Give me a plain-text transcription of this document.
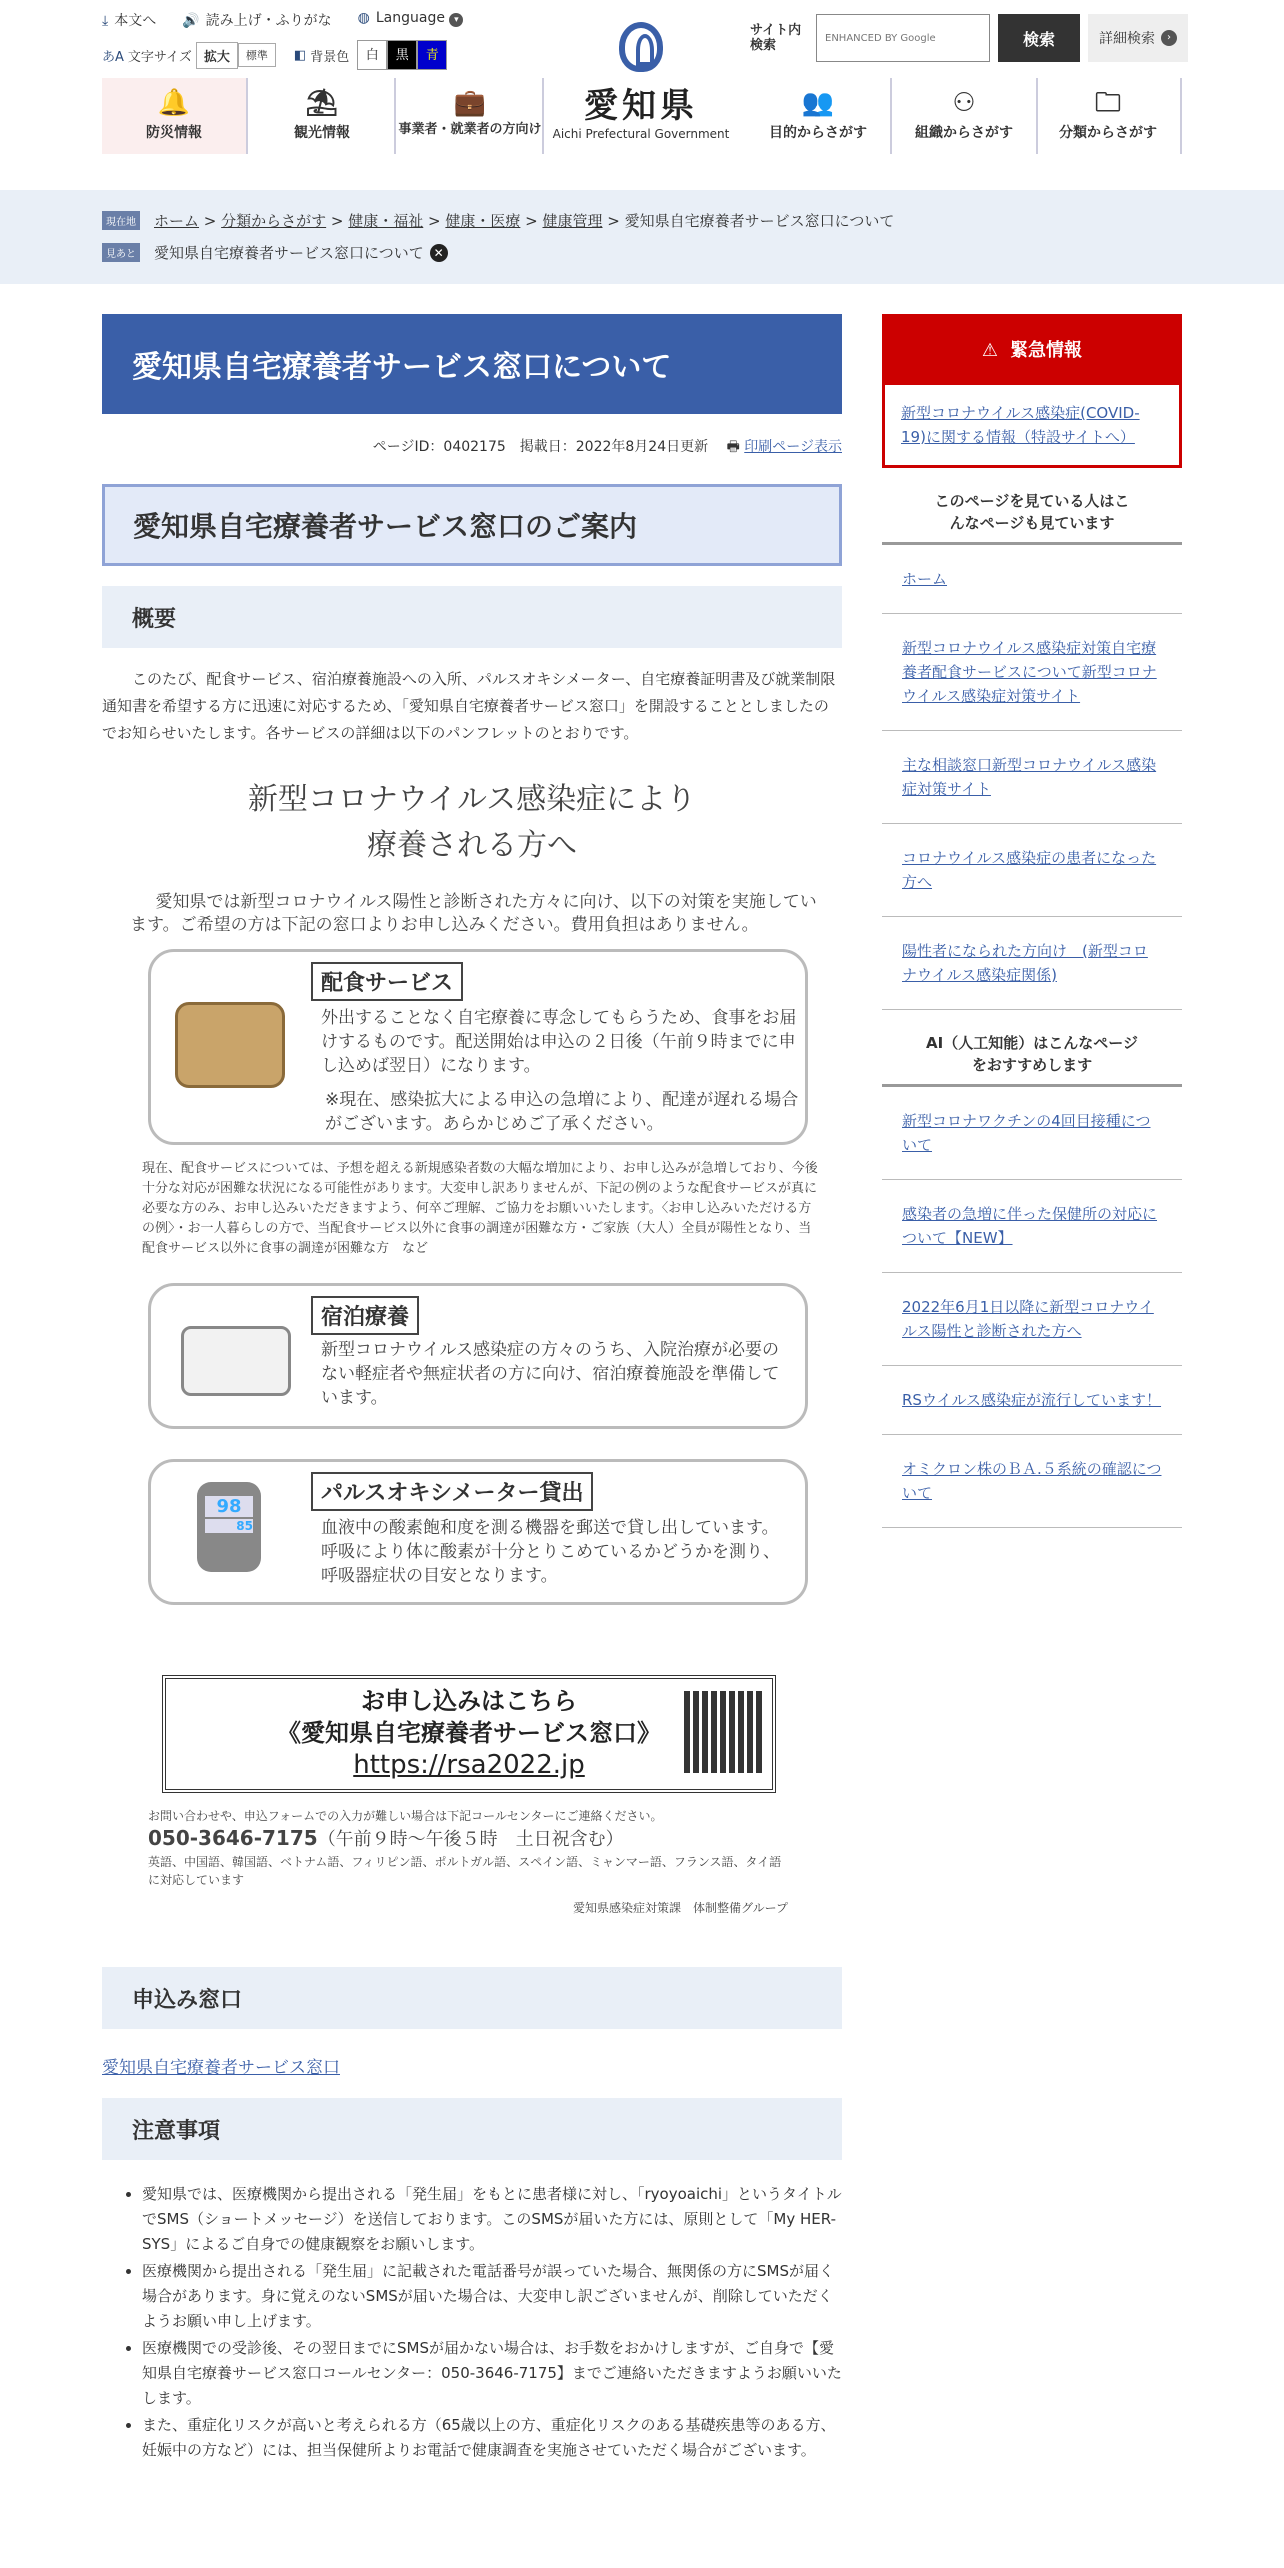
⤓ 本文へ 🔊 読み上げ・ふりがな ◍ Language ▾
あA 文字サイズ 拡大	標準	◧ 背景色	白	黒	青
愛知県
Aichi Prefectural Government
サイト内検索	ENHANCED BY Google	検索	詳細検索	›
🔔
防災情報
⛱
観光情報
💼
事業者・就業者の方向け
👥
目的からさがす
⚇
組織からさがす
🗀
分類からさがす
現在地 ホーム > 分類からさがす > 健康・福祉 > 健康・医療 > 健康管理 > 愛知県自宅療養者サービス窓口について
見あと 愛知県自宅療養者サービス窓口について ✕
愛知県自宅療養者サービス窓口について
ページID：0402175　掲載日：2022年8月24日更新 🖶 印刷ページ表示
愛知県自宅療養者サービス窓口のご案内
概要

このたび、配食サービス、宿泊療養施設への入所、パルスオキシメーター、自宅療養証明書及び就業制限通知書を希望する方に迅速に対応するため、「愛知県自宅療養者サービス窓口」を開設することとしましたのでお知らせいたします。各サービスの詳細は以下のパンフレットのとおりです。

新型コロナウイルス感染症により
療養される方へ
愛知県では新型コロナウイルス陽性と診断された方々に向け、以下の対策を実施しています。ご希望の方は下記の窓口よりお申し込みください。費用負担はありません。
配食サービス
外出することなく自宅療養に専念してもらうため、食事をお届けするものです。配送開始は申込の２日後（午前９時までに申し込めば翌日）になります。
※現在、感染拡大による申込の急増により、配達が遅れる場合がございます。あらかじめご了承ください。
現在、配食サービスについては、予想を超える新規感染者数の大幅な増加により、お申し込みが急増しており、今後十分な対応が困難な状況になる可能性があります。大変申し訳ありませんが、下記の例のような配食サービスが真に必要な方のみ、お申し込みいただきますよう、何卒ご理解、ご協力をお願いいたします。〈お申し込みいただける方の例〉・お一人暮らしの方で、当配食サービス以外に食事の調達が困難な方・ご家族（大人）全員が陽性となり、当配食サービス以外に食事の調達が困難な方　など
宿泊療養
新型コロナウイルス感染症の方々のうち、入院治療が必要のない軽症者や無症状者の方に向け、宿泊療養施設を準備しています。
98
85
パルスオキシメーター貸出
血液中の酸素飽和度を測る機器を郵送で貸し出しています。呼吸により体に酸素が十分とりこめているかどうかを測り、呼吸器症状の目安となります。
お申し込みはこちら
《愛知県自宅療養者サービス窓口》
https://rsa2022.jp
お問い合わせや、申込フォームでの入力が難しい場合は下記コールセンターにご連絡ください。
050-3646-7175（午前９時〜午後５時　土日祝含む）
英語、中国語、韓国語、ベトナム語、フィリピン語、ポルトガル語、スペイン語、ミャンマー語、フランス語、タイ語に対応しています
愛知県感染症対策課　体制整備グループ
申込み窓口
愛知県自宅療養者サービス窓口
注意事項
• 愛知県では、医療機関から提出される「発生届」をもとに患者様に対し、「ryoyoaichi」というタイトルでSMS（ショートメッセージ）を送信しております。このSMSが届いた方には、原則として「My HER-SYS」によるご自身での健康観察をお願いします。
• 医療機関から提出される「発生届」に記載された電話番号が誤っていた場合、無関係の方にSMSが届く場合があります。身に覚えのないSMSが届いた場合は、大変申し訳ございませんが、削除していただくようお願い申し上げます。
• 医療機関での受診後、その翌日までにSMSが届かない場合は、お手数をおかけしますが、ご自身で【愛知県自宅療養サービス窓口コールセンター：050-3646-7175】までご連絡いただきますようお願いいたします。
• また、重症化リスクが高いと考えられる方（65歳以上の方、重症化リスクのある基礎疾患等のある方、妊娠中の方など）には、担当保健所よりお電話で健康調査を実施させていただく場合がございます。
⚠ 緊急情報
新型コロナウイルス感染症(COVID-19)に関する情報（特設サイトへ）
このページを見ている人はこんなページも見ています
ホーム
新型コロナウイルス感染症対策自宅療養者配食サービスについて新型コロナウイルス感染症対策サイト
主な相談窓口新型コロナウイルス感染症対策サイト
コロナウイルス感染症の患者になった方へ
陽性者になられた方向け　(新型コロナウイルス感染症関係)
AI（人工知能）はこんなページをおすすめします
新型コロナワクチンの4回目接種について
感染者の急増に伴った保健所の対応について【NEW】
2022年6月1日以降に新型コロナウイルス陽性と診断された方へ
RSウイルス感染症が流行しています！
オミクロン株のＢＡ.５系統の確認について
